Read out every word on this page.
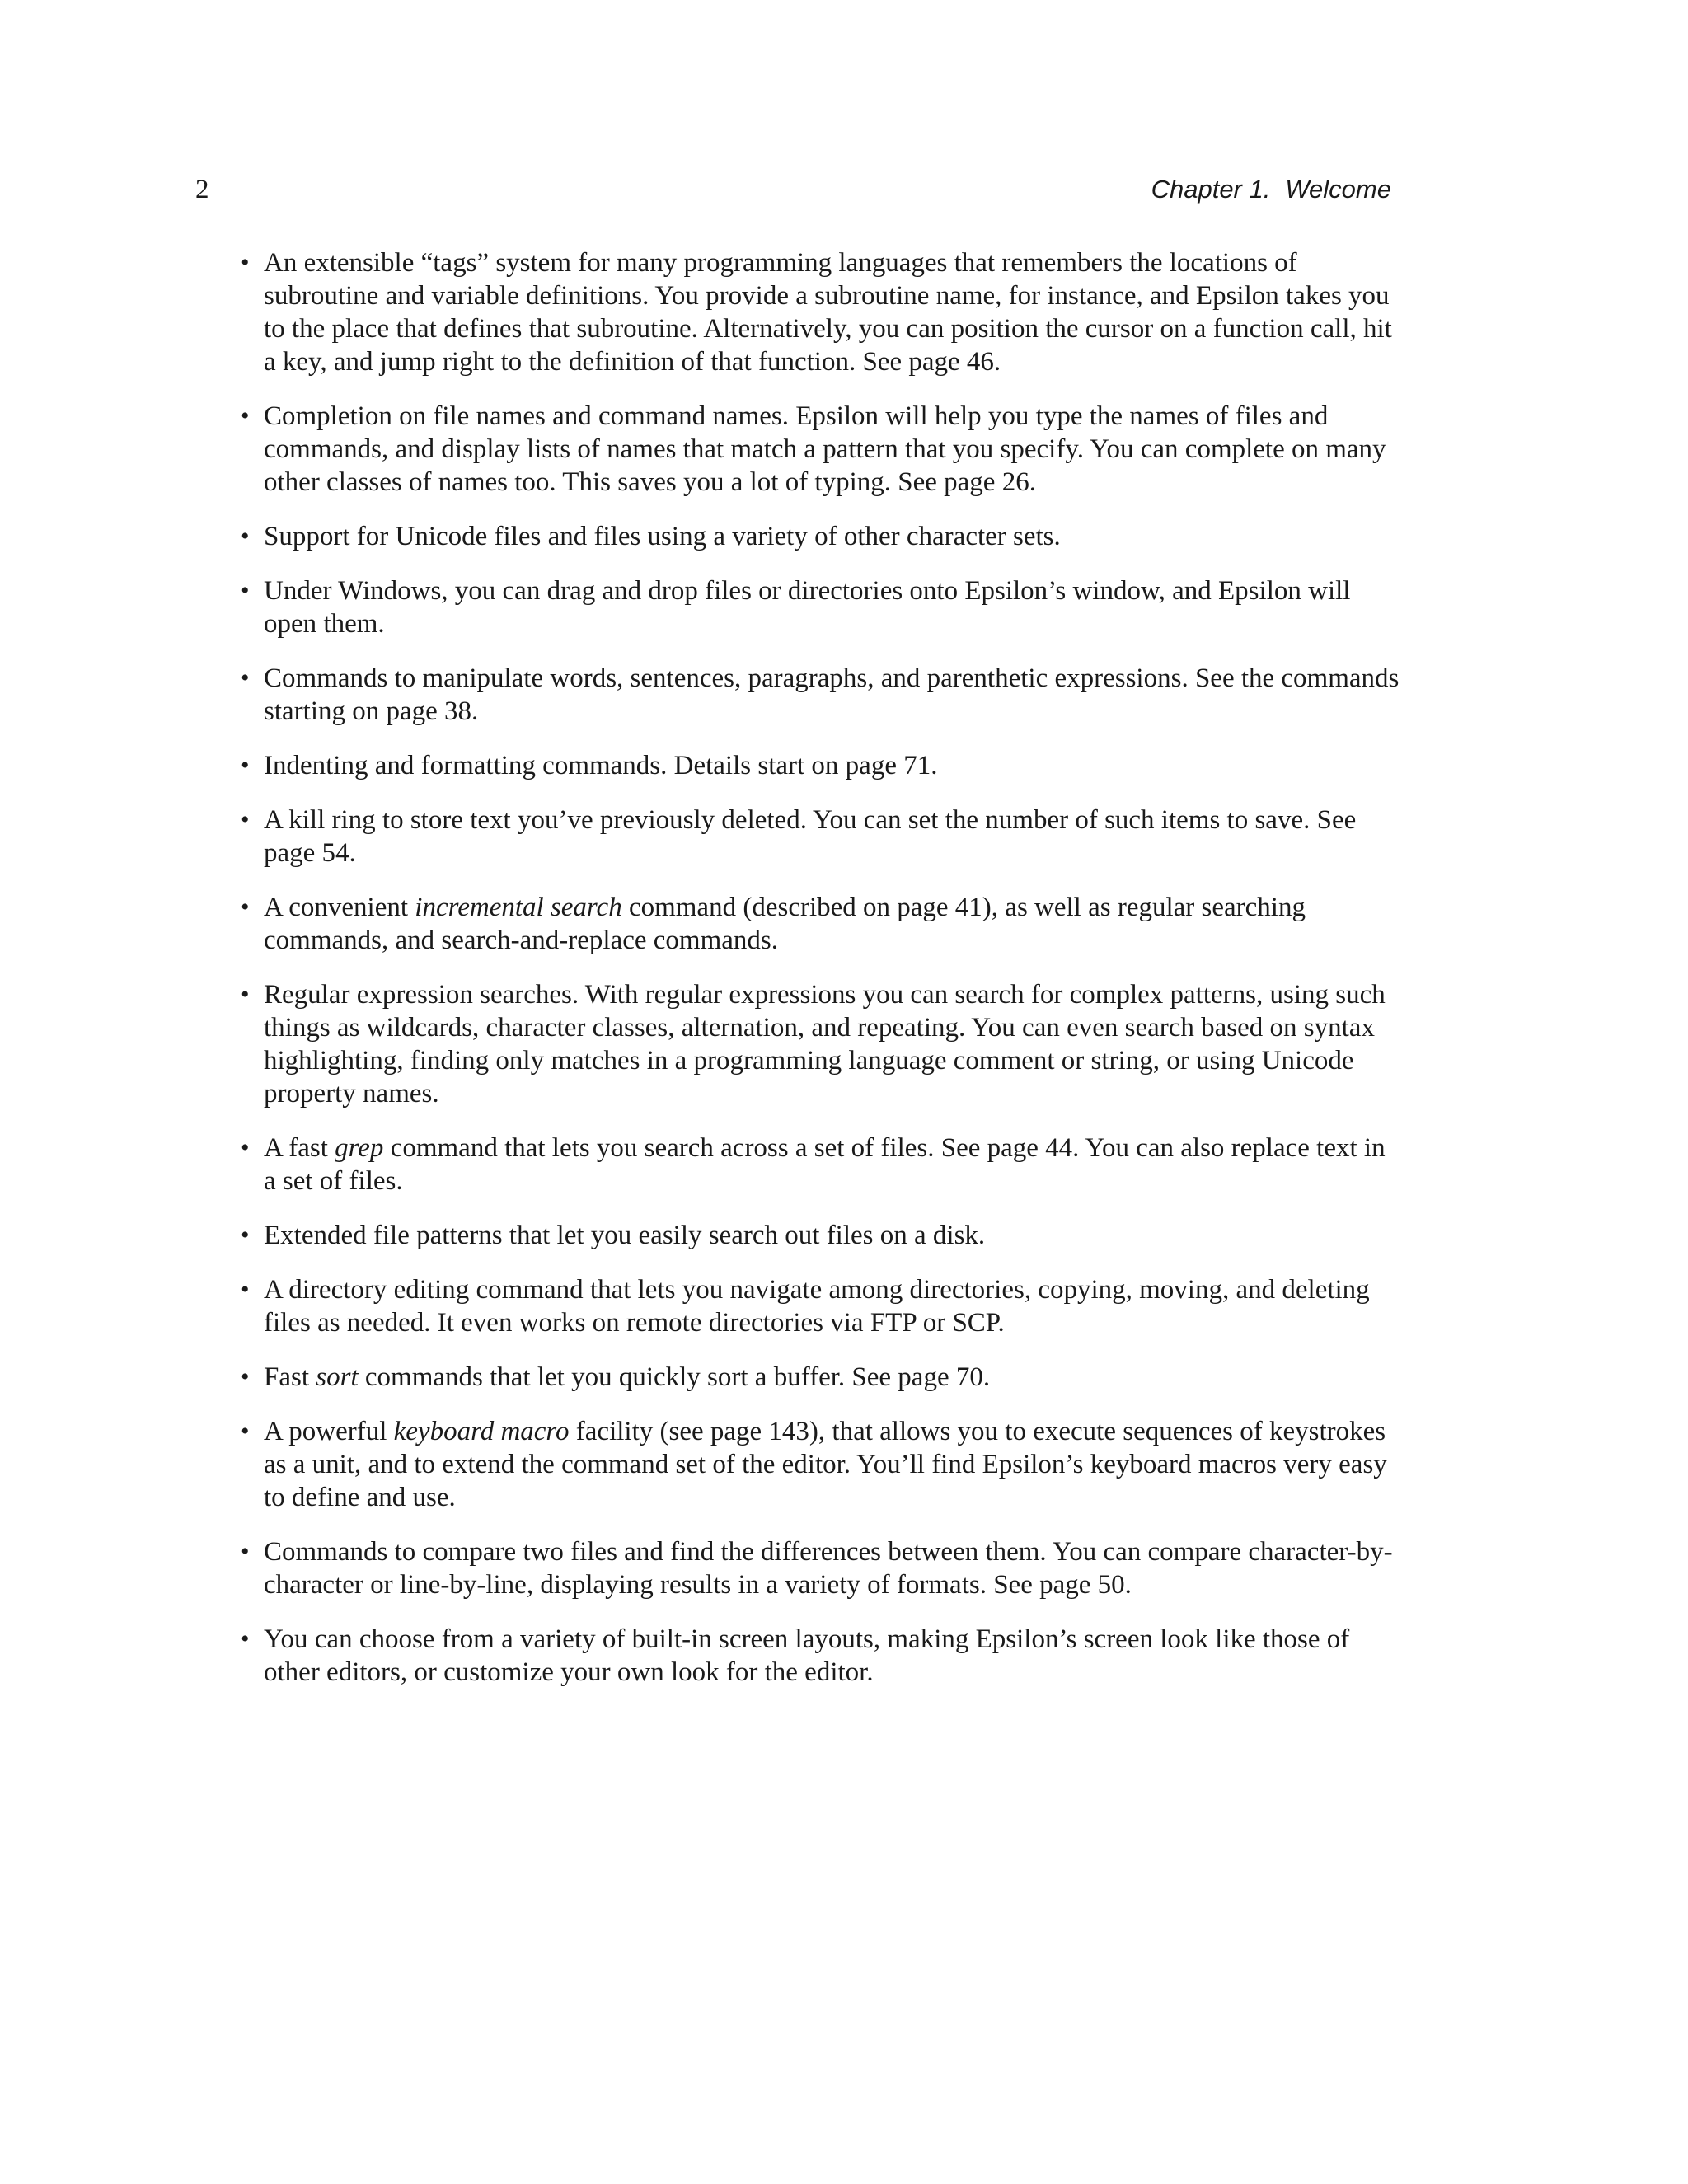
2	Chapter 1. Welcome
• An extensible “tags” system for many programming languages that remembers the locations of subroutine and variable definitions. You provide a subroutine name, for instance, and Epsilon takes you to the place that defines that subroutine. Alternatively, you can position the cursor on a function call, hit a key, and jump right to the definition of that function. See page 46.
• Completion on file names and command names. Epsilon will help you type the names of files and commands, and display lists of names that match a pattern that you specify. You can complete on many other classes of names too. This saves you a lot of typing. See page 26.
• Support for Unicode files and files using a variety of other character sets.
• Under Windows, you can drag and drop files or directories onto Epsilon’s window, and Epsilon will open them.
• Commands to manipulate words, sentences, paragraphs, and parenthetic expressions. See the commands starting on page 38.
• Indenting and formatting commands. Details start on page 71.
• A kill ring to store text you’ve previously deleted. You can set the number of such items to save. See page 54.
• A convenient incremental search command (described on page 41), as well as regular searching commands, and search-and-replace commands.
• Regular expression searches. With regular expressions you can search for complex patterns, using such things as wildcards, character classes, alternation, and repeating. You can even search based on syntax highlighting, finding only matches in a programming language comment or string, or using Unicode property names.
• A fast grep command that lets you search across a set of files. See page 44. You can also replace text in a set of files.
• Extended file patterns that let you easily search out files on a disk.
• A directory editing command that lets you navigate among directories, copying, moving, and deleting files as needed. It even works on remote directories via FTP or SCP.
• Fast sort commands that let you quickly sort a buffer. See page 70.
• A powerful keyboard macro facility (see page 143), that allows you to execute sequences of keystrokes as a unit, and to extend the command set of the editor. You’ll find Epsilon’s keyboard macros very easy to define and use.
• Commands to compare two files and find the differences between them. You can compare character-by-character or line-by-line, displaying results in a variety of formats. See page 50.
• You can choose from a variety of built-in screen layouts, making Epsilon’s screen look like those of other editors, or customize your own look for the editor.
